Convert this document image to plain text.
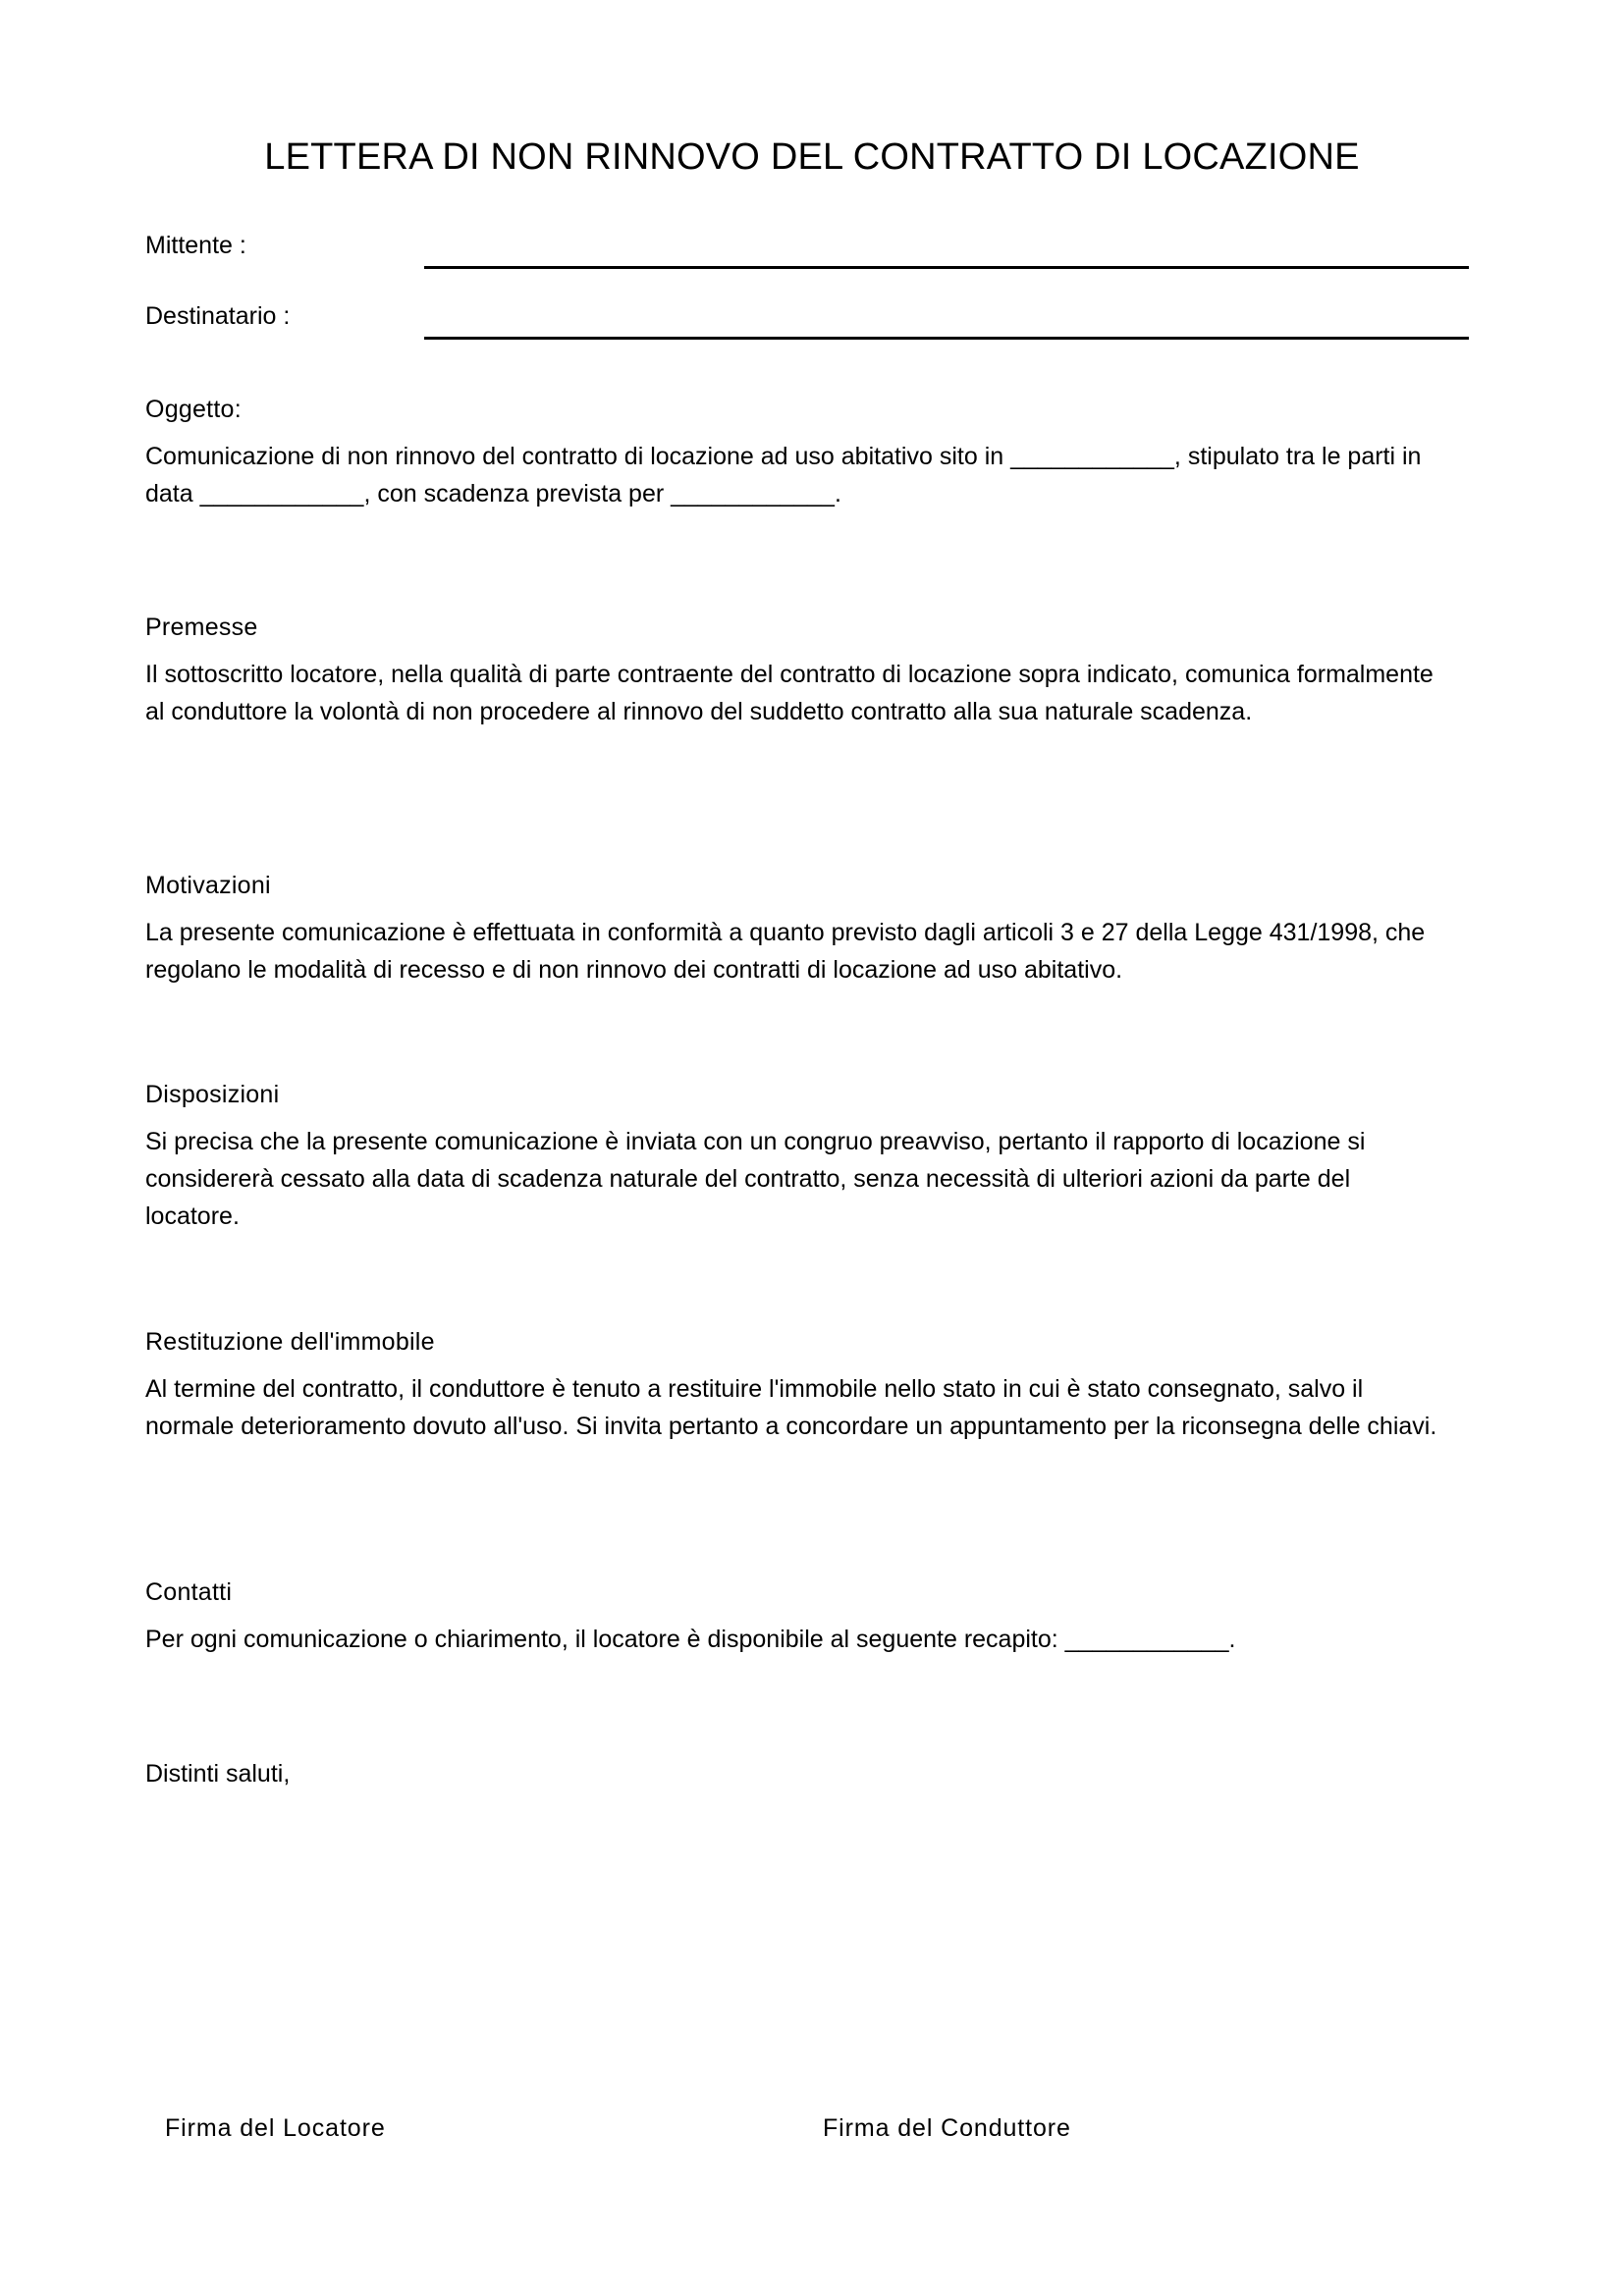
LETTERA DI NON RINNOVO DEL CONTRATTO DI LOCAZIONE
Mittente :
Destinatario :
Oggetto:

Comunicazione di non rinnovo del contratto di locazione ad uso abitativo sito in ____________, stipulato tra le parti in data ____________, con scadenza prevista per ____________.

Premesse

Il sottoscritto locatore, nella qualità di parte contraente del contratto di locazione sopra indicato, comunica formalmente al conduttore la volontà di non procedere al rinnovo del suddetto contratto alla sua naturale scadenza.

Motivazioni

La presente comunicazione è effettuata in conformità a quanto previsto dagli articoli 3 e 27 della Legge 431/1998, che regolano le modalità di recesso e di non rinnovo dei contratti di locazione ad uso abitativo.

Disposizioni

Si precisa che la presente comunicazione è inviata con un congruo preavviso, pertanto il rapporto di locazione si considererà cessato alla data di scadenza naturale del contratto, senza necessità di ulteriori azioni da parte del locatore.

Restituzione dell'immobile

Al termine del contratto, il conduttore è tenuto a restituire l'immobile nello stato in cui è stato consegnato, salvo il normale deterioramento dovuto all'uso. Si invita pertanto a concordare un appuntamento per la riconsegna delle chiavi.

Contatti

Per ogni comunicazione o chiarimento, il locatore è disponibile al seguente recapito: ____________.

Distinti saluti,
Firma del Locatore	Firma del Conduttore
